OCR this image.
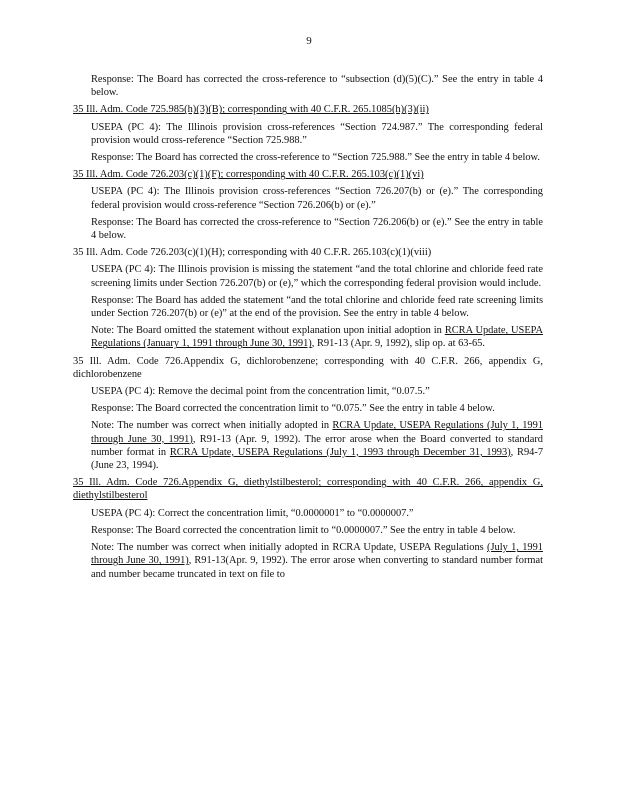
9

Response: The Board has corrected the cross-reference to “subsection (d)(5)(C).” See the entry in table 4 below.

35 Ill. Adm. Code 725.985(h)(3)(B); corresponding with 40 C.F.R. 265.1085(h)(3)(ii)

USEPA (PC 4): The Illinois provision cross-references “Section 724.987.” The corresponding federal provision would cross-reference “Section 725.988.”

Response: The Board has corrected the cross-reference to “Section 725.988.” See the entry in table 4 below.

35 Ill. Adm. Code 726.203(c)(1)(F); corresponding with 40 C.F.R. 265.103(c)(1)(vi)

USEPA (PC 4): The Illinois provision cross-references “Section 726.207(b) or (e).” The corresponding federal provision would cross-reference “Section 726.206(b) or (e).”

Response: The Board has corrected the cross-reference to “Section 726.206(b) or (e).” See the entry in table 4 below.

35 Ill. Adm. Code 726.203(c)(1)(H); corresponding with 40 C.F.R. 265.103(c)(1)(viii)

USEPA (PC 4): The Illinois provision is missing the statement “and the total chlorine and chloride feed rate screening limits under Section 726.207(b) or (e),” which the corresponding federal provision would include.

Response: The Board has added the statement “and the total chlorine and chloride feed rate screening limits under Section 726.207(b) or (e)” at the end of the provision. See the entry in table 4 below.

Note: The Board omitted the statement without explanation upon initial adoption in RCRA Update, USEPA Regulations (January 1, 1991 through June 30, 1991), R91-13 (Apr. 9, 1992), slip op. at 63-65.

35 Ill. Adm. Code 726.Appendix G, dichlorobenzene; corresponding with 40 C.F.R. 266, appendix G, dichlorobenzene

USEPA (PC 4): Remove the decimal point from the concentration limit, “0.07.5.”

Response: The Board corrected the concentration limit to “0.075.” See the entry in table 4 below.

Note: The number was correct when initially adopted in RCRA Update, USEPA Regulations (July 1, 1991 through June 30, 1991), R91-13 (Apr. 9, 1992). The error arose when the Board converted to standard number format in RCRA Update, USEPA Regulations (July 1, 1993 through December 31, 1993), R94-7 (June 23, 1994).

35 Ill. Adm. Code 726.Appendix G, diethylstilbesterol; corresponding with 40 C.F.R. 266, appendix G, diethylstilbesterol

USEPA (PC 4): Correct the concentration limit, “0.0000001” to “0.0000007.”

Response: The Board corrected the concentration limit to “0.0000007.” See the entry in table 4 below.

Note: The number was correct when initially adopted in RCRA Update, USEPA Regulations (July 1, 1991 through June 30, 1991), R91-13(Apr. 9, 1992). The error arose when converting to standard number format and number became truncated in text on file to
